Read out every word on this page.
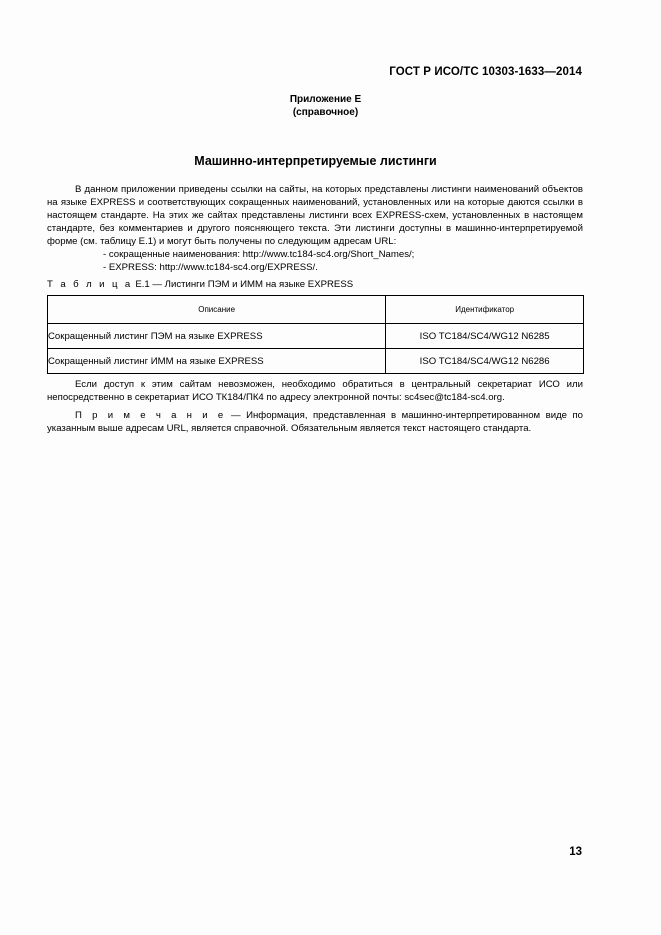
ГОСТ Р ИСО/ТС 10303-1633—2014
Приложение Е
(справочное)
Машинно-интерпретируемые листинги

В данном приложении приведены ссылки на сайты, на которых представлены листинги наименований объектов на языке EXPRESS и соответствующих сокращенных наименований, установленных или на которые даются ссылки в настоящем стандарте. На этих же сайтах представлены листинги всех EXPRESS-схем, установленных в настоящем стандарте, без комментариев и другого поясняющего текста. Эти листинги доступны в машинно-интерпретируемой форме (см. таблицу Е.1) и могут быть получены по следующим адресам URL:

- сокращенные наименования: http://www.tc184-sc4.org/Short_Names/;

- EXPRESS: http://www.tc184-sc4.org/EXPRESS/.

Т а б л и ц а Е.1 — Листинги ПЭМ и ИММ на языке EXPRESS
Описание	Идентификатор
Сокращенный листинг ПЭМ на языке EXPRESS	ISO TC184/SC4/WG12 N6285
Сокращенный листинг ИММ на языке EXPRESS	ISO TC184/SC4/WG12 N6286

Если доступ к этим сайтам невозможен, необходимо обратиться в центральный секретариат ИСО или непосредственно в секретариат ИСО ТК184/ПК4 по адресу электронной почты: sc4sec@tc184-sc4.org.

П р и м е ч а н и е — Информация, представленная в машинно-интерпретированном виде по указанным выше адресам URL, является справочной. Обязательным является текст настоящего стандарта.

13
